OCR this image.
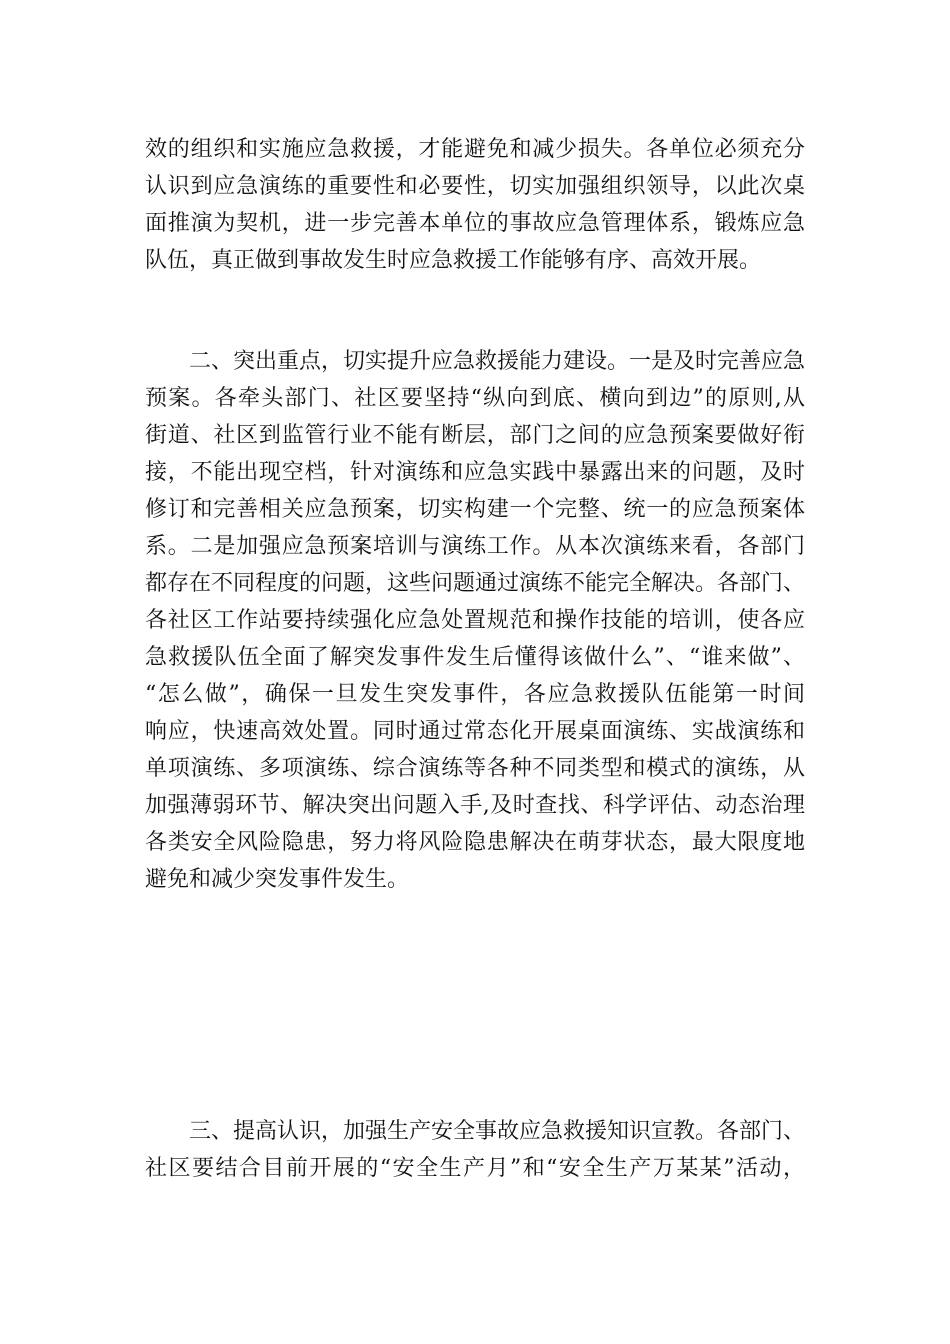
效的组织和实施应急救援，才能避免和减少损失。各单位必须充分
认识到应急演练的重要性和必要性，切实加强组织领导，以此次桌
面推演为契机，进一步完善本单位的事故应急管理体系，锻炼应急
队伍，真正做到事故发生时应急救援工作能够有序、高效开展。
二、突出重点，切实提升应急救援能力建设。一是及时完善应急
预案。各牵头部门、社区要坚持“纵向到底、横向到边”的原则,从
街道、社区到监管行业不能有断层，部门之间的应急预案要做好衔
接，不能出现空档，针对演练和应急实践中暴露出来的问题，及时
修订和完善相关应急预案，切实构建一个完整、统一的应急预案体
系。二是加强应急预案培训与演练工作。从本次演练来看，各部门
都存在不同程度的问题，这些问题通过演练不能完全解决。各部门、
各社区工作站要持续强化应急处置规范和操作技能的培训，使各应
急救援队伍全面了解突发事件发生后懂得该做什么”、“谁来做”、
“怎么做”，确保一旦发生突发事件，各应急救援队伍能第一时间
响应，快速高效处置。同时通过常态化开展桌面演练、实战演练和
单项演练、多项演练、综合演练等各种不同类型和模式的演练，从
加强薄弱环节、解决突出问题入手,及时查找、科学评估、动态治理
各类安全风险隐患，努力将风险隐患解决在萌芽状态，最大限度地
避免和减少突发事件发生。
三、提高认识，加强生产安全事故应急救援知识宣教。各部门、
社区要结合目前开展的“安全生产月”和“安全生产万某某”活动，
